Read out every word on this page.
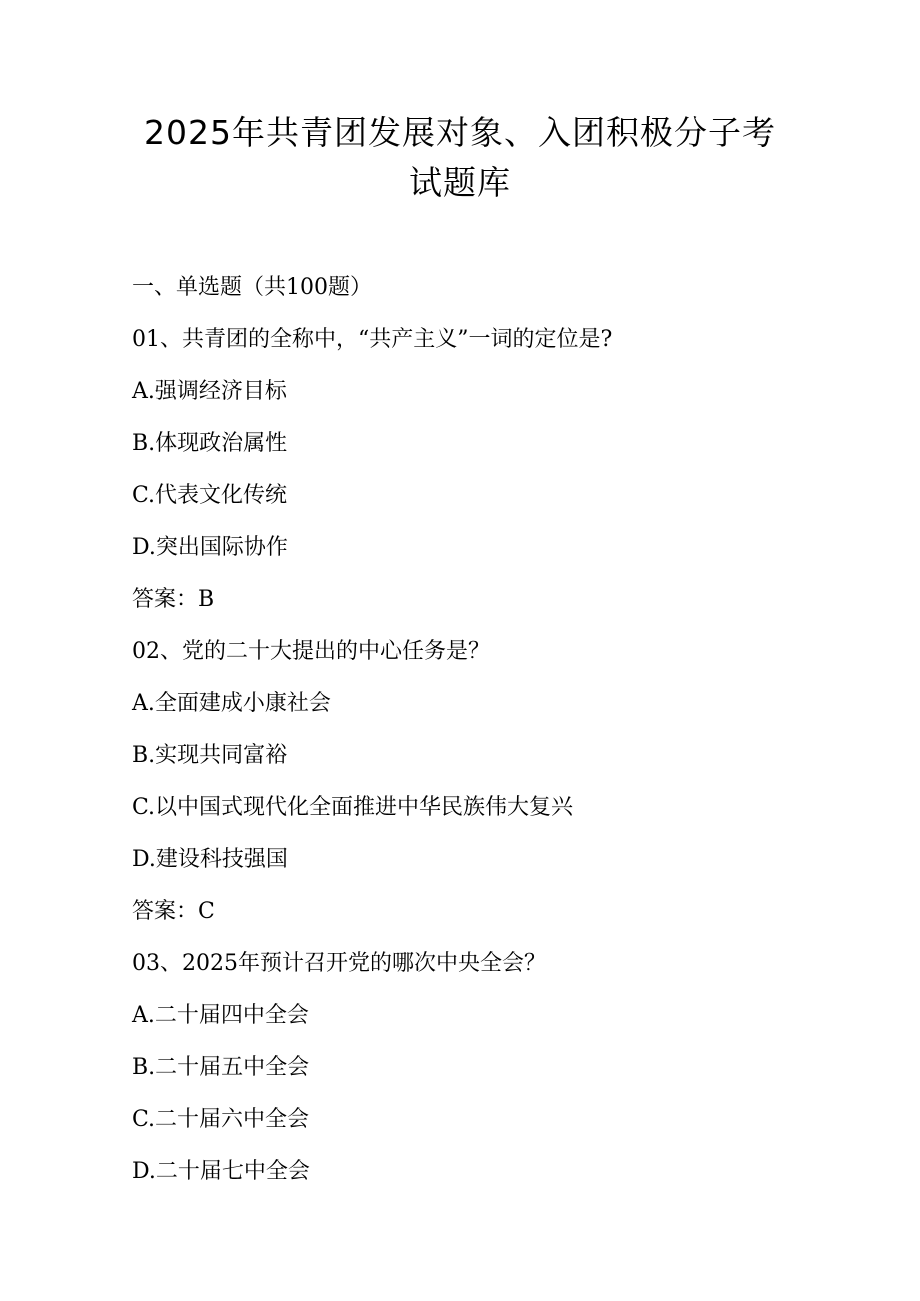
2025年共青团发展对象、入团积极分子考
试题库
一、单选题（共100题）
01、共青团的全称中，“共产主义”一词的定位是?
A.强调经济目标
B.体现政治属性
C.代表文化传统
D.突出国际协作
答案：B
02、党的二十大提出的中心任务是？
A.全面建成小康社会
B.实现共同富裕
C.以中国式现代化全面推进中华民族伟大复兴
D.建设科技强国
答案：C
03、2025年预计召开党的哪次中央全会？
A.二十届四中全会
B.二十届五中全会
C.二十届六中全会
D.二十届七中全会
